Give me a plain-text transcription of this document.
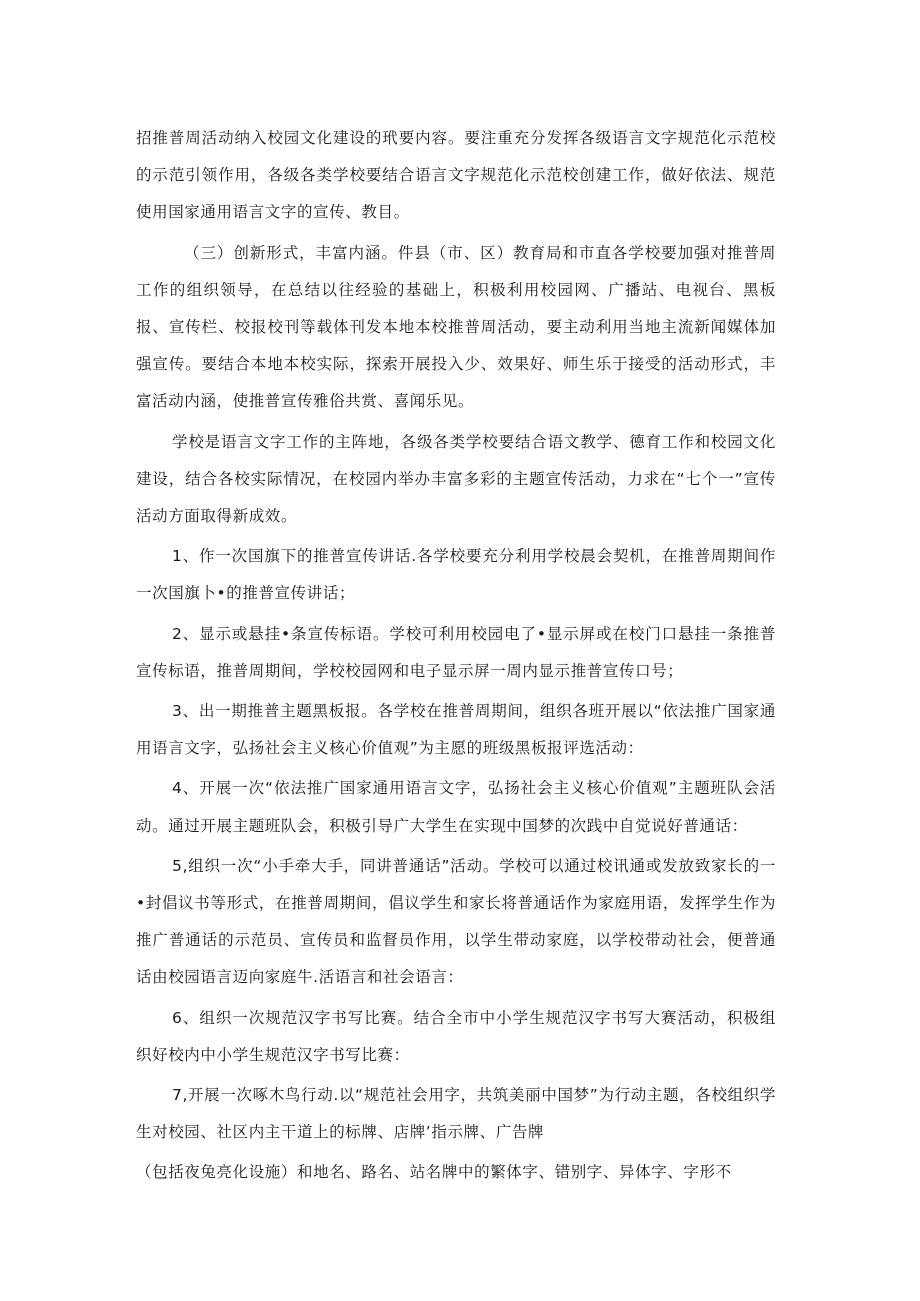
招推普周活动纳入校园文化建设的玳要内容。要注重充分发挥各级语言文字规范化示范校的示范引领作用，各级各类学校要结合语言文字规范化示范校创建工作，做好依法、规范使用国家通用语言文字的宣传、教目。

（三）创新形式，丰富内涵。件县（市、区）教育局和市直各学校要加强对推普周工作的组织领导，在总结以往经验的基础上，积极利用校园网、广播站、电视台、黑板报、宣传栏、校报校刊等载体刊发本地本校推普周活动，要主动利用当地主流新闻媒体加强宣传。要结合本地本校实际，探索开展投入少、效果好、师生乐于接受的活动形式，丰富活动内涵，使推普宣传雅俗共赏、喜闻乐见。

学校是语言文字工作的主阵地，各级各类学校要结合语文教学、德育工作和校园文化建设，结合各校实际情况，在校园内举办丰富多彩的主题宣传活动，力求在“七个一”宣传活动方面取得新成效。

1、作一次国旗下的推普宣传讲话.各学校要充分利用学校晨会契机，在推普周期间作一次国旗卜•的推普宣传讲话；

2、显示或悬挂•条宣传标语。学校可利用校园电了•显示屏或在校门口悬挂一条推普宣传标语，推普周期间，学校校园网和电子显示屏一周内显示推普宣传口号；

3、出一期推普主题黑板报。各学校在推普周期间，组织各班开展以“依法推广国家通用语言文字，弘扬社会主义核心价值观”为主愿的班级黑板报评选活动：

4、开展一次“依法推广国家通用语言文字，弘扬社会主义核心价值观”主题班队会活动。通过开展主题班队会，积极引导广大学生在实现中国梦的次践中自觉说好普通话：

5,组织一次“小手牵大手，同讲普通话”活动。学校可以通过校讯通或发放致家长的一•封倡议书等形式，在推普周期间，倡议学生和家长将普通话作为家庭用语，发挥学生作为推广普通话的示范员、宣传员和监督员作用，以学生带动家庭，以学校带动社会，便普通话由校园语言迈向家庭牛.活语言和社会语言：

6、组织一次规范汉字书写比赛。结合全市中小学生规范汉字书写大赛活动，积极组织好校内中小学生规范汉字书写比赛：

7,开展一次啄木鸟行动.以“规范社会用字，共筑美丽中国梦”为行动主题，各校组织学生对校园、社区内主干道上的标牌、店牌’指示牌、广告牌

（包括夜兔亮化设施）和地名、路名、站名牌中的繁体字、错别字、异体字、字形不
